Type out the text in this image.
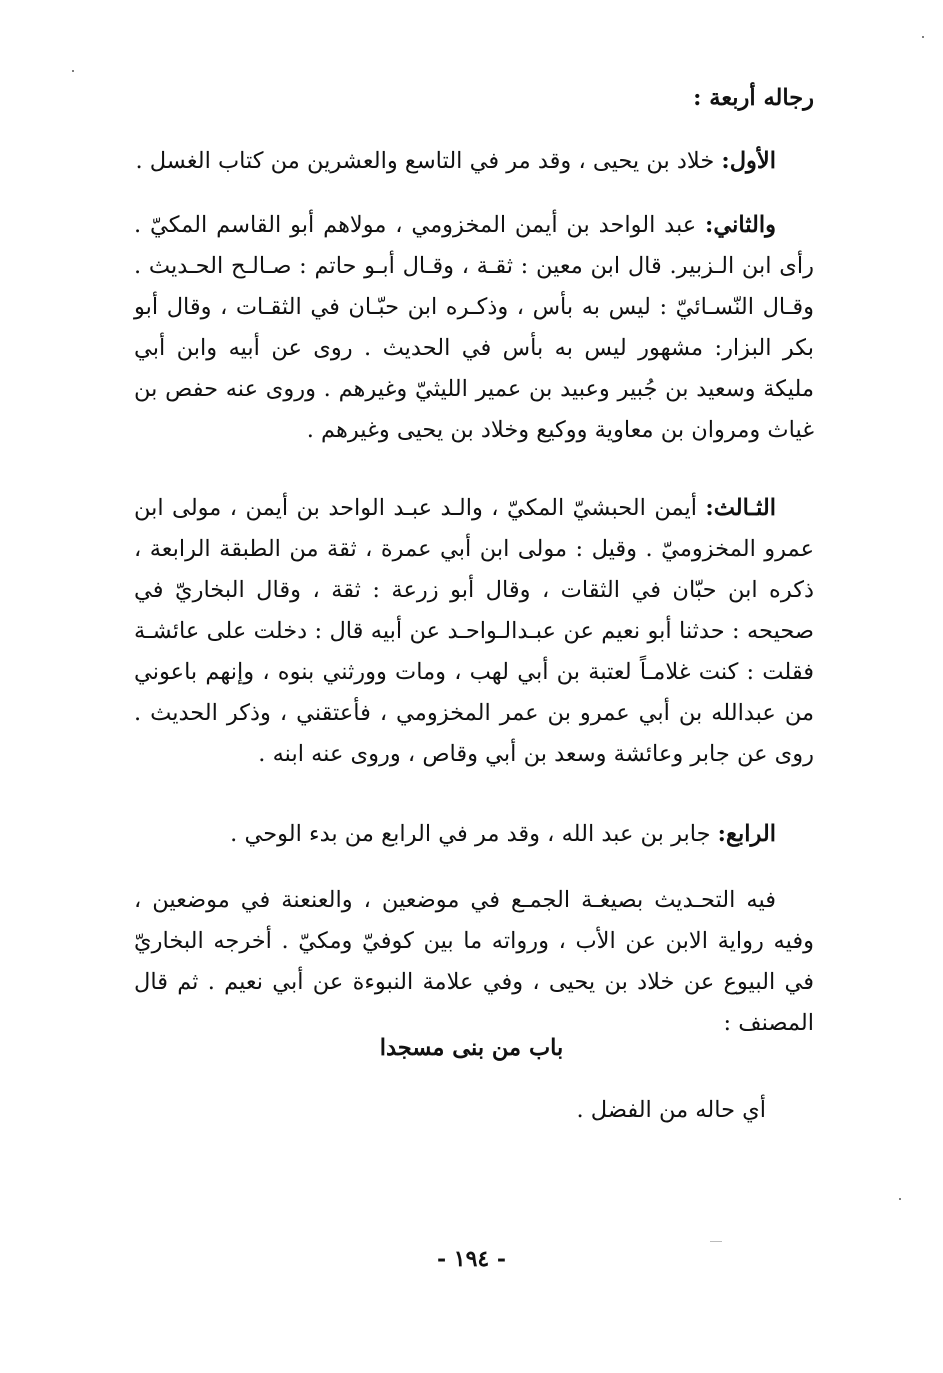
رجاله أربعة :
الأول: خلاد بن يحيى ، وقد مر في التاسع والعشرين من كتاب الغسل .
والثاني: عبد الواحد بن أيمن المخزومي ، مولاهم أبو القاسم المكيّ . رأى ابن الـزبير. قال ابن معين : ثقـة ، وقـال أبـو حاتم : صـالـح الحـديث . وقـال النّسـائيّ : ليس به بأس ، وذكـره ابن حبّـان في الثقـات ، وقال أبو بكر البزار: مشهور ليس به بأس في الحديث . روى عن أبيه وابن أبي مليكة وسعيد بن جُبير وعبيد بن عمير الليثيّ وغيرهم . وروى عنه حفص بن غياث ومروان بن معاوية ووكيع وخلاد بن يحيى وغيرهم .
الثـالث: أيمن الحبشيّ المكيّ ، والـد عبـد الواحد بن أيمن ، مولى ابن عمرو المخزوميّ . وقيل : مولى ابن أبي عمرة ، ثقة من الطبقة الرابعة ، ذكره ابن حبّان في الثقات ، وقال أبو زرعة : ثقة ، وقال البخاريّ في صحيحه : حدثنا أبو نعيم عن عبـدالـواحـد عن أبيه قال : دخلت على عائشـة فقلت : كنت غلامـاً لعتبة بن أبي لهب ، ومات وورثني بنوه ، وإنهم باعوني من عبدالله بن أبي عمرو بن عمر المخزومي ، فأعتقني ، وذكر الحديث . روى عن جابر وعائشة وسعد بن أبي وقاص ، وروى عنه ابنه .
الرابع: جابر بن عبد الله ، وقد مر في الرابع من بدء الوحي .
فيه التحـديث بصيغـة الجمـع في موضعين ، والعنعنة في موضعين ، وفيه رواية الابن عن الأب ، ورواته ما بين كوفيّ ومكيّ . أخرجه البخاريّ في البيوع عن خلاد بن يحيى ، وفي علامة النبوءة عن أبي نعيم . ثم قال المصنف :
باب من بنى مسجدا
أي حاله من الفضل .
- ١٩٤ -
